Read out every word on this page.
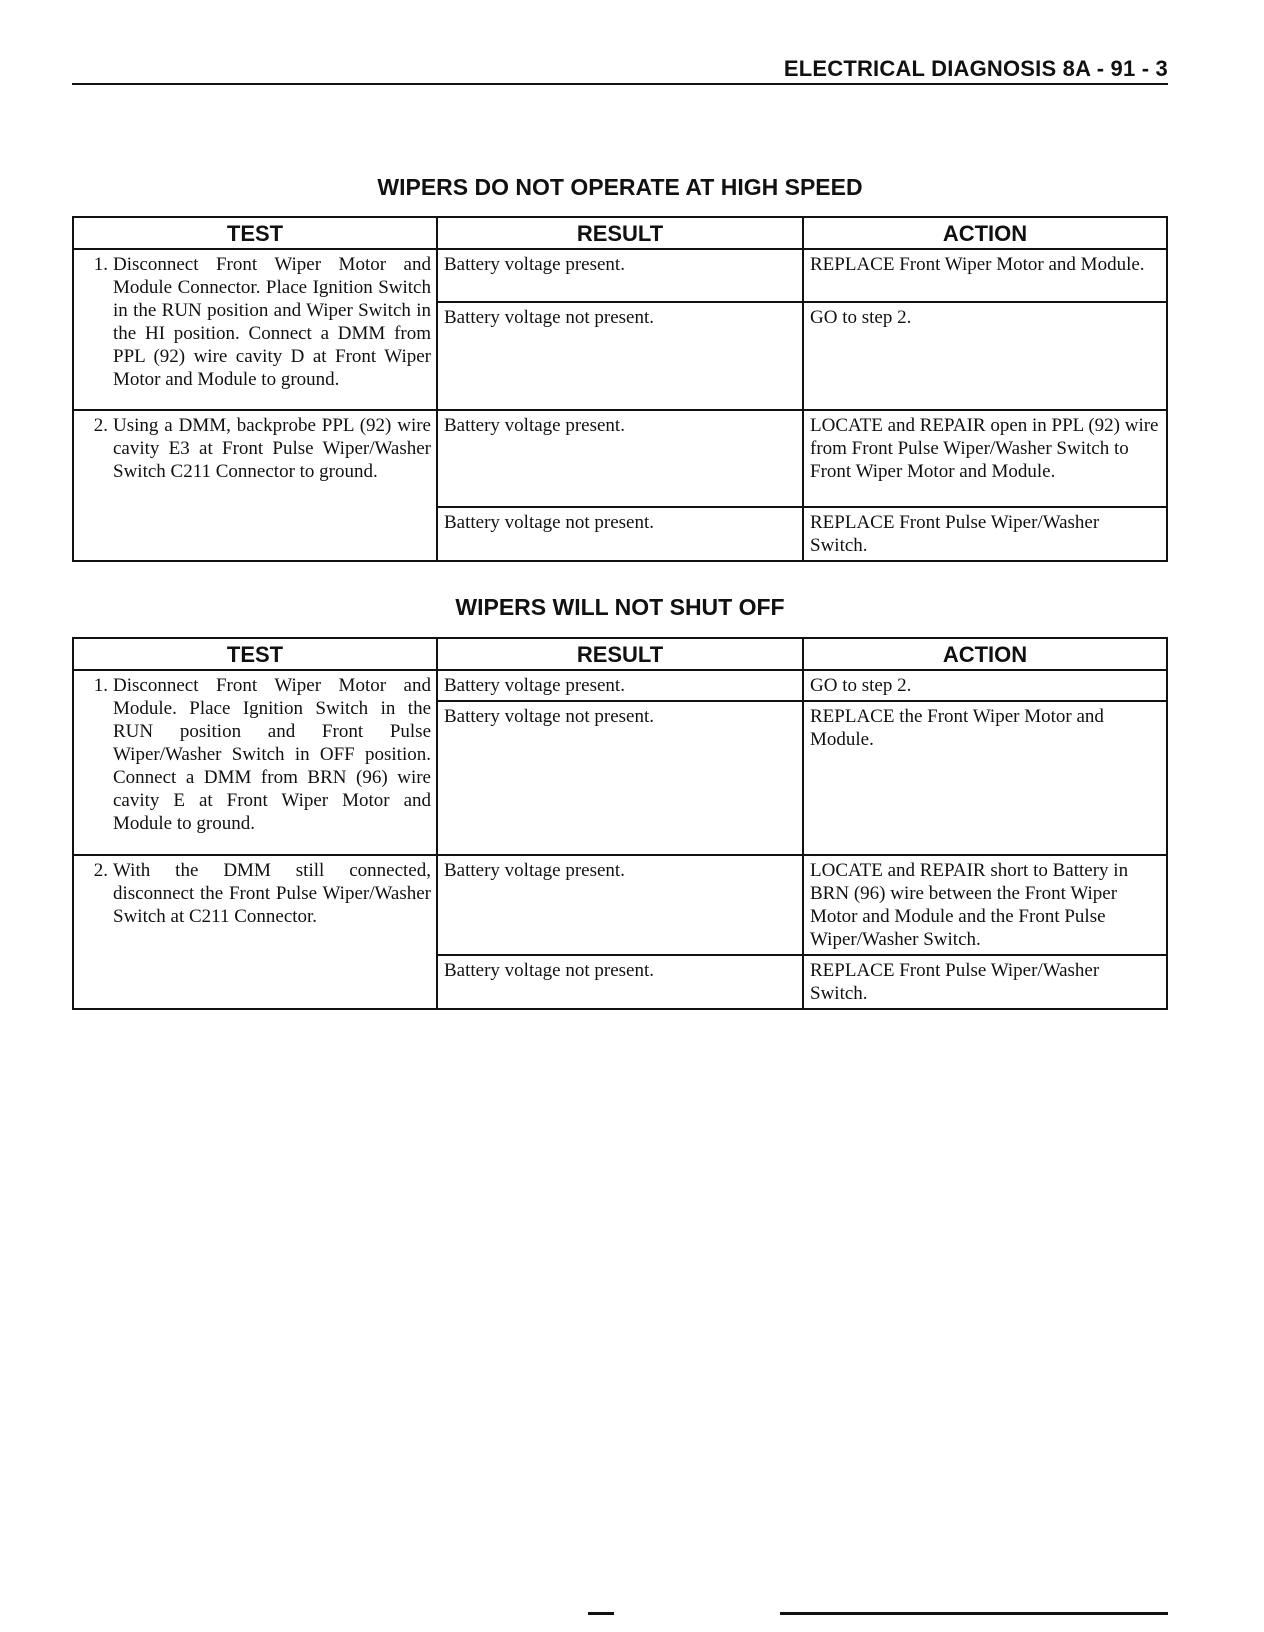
ELECTRICAL DIAGNOSIS 8A - 91 - 3
WIPERS DO NOT OPERATE AT HIGH SPEED
TEST	RESULT	ACTION

1. Disconnect Front Wiper Motor and Module Connector. Place Ignition Switch in the RUN position and Wiper Switch in the HI position. Connect a DMM from PPL (92) wire cavity D at Front Wiper Motor and Module to ground.	Battery voltage present.	REPLACE Front Wiper Motor and Module.
	Battery voltage not present.	GO to step 2.

2. Using a DMM, backprobe PPL (92) wire cavity E3 at Front Pulse Wiper/Washer Switch C211 Connector to ground.	Battery voltage present.	LOCATE and REPAIR open in PPL (92) wire from Front Pulse Wiper/Washer Switch to Front Wiper Motor and Module.
	Battery voltage not present.	REPLACE Front Pulse Wiper/Washer Switch.
WIPERS WILL NOT SHUT OFF
TEST	RESULT	ACTION

1. Disconnect Front Wiper Motor and Module. Place Ignition Switch in the RUN position and Front Pulse Wiper/Washer Switch in OFF position. Connect a DMM from BRN (96) wire cavity E at Front Wiper Motor and Module to ground.	Battery voltage present.	GO to step 2.
	Battery voltage not present.	REPLACE the Front Wiper Motor and Module.

2. With the DMM still connected, disconnect the Front Pulse Wiper/Washer Switch at C211 Connector.	Battery voltage present.	LOCATE and REPAIR short to Battery in BRN (96) wire between the Front Wiper Motor and Module and the Front Pulse Wiper/Washer Switch.
	Battery voltage not present.	REPLACE Front Pulse Wiper/Washer Switch.
